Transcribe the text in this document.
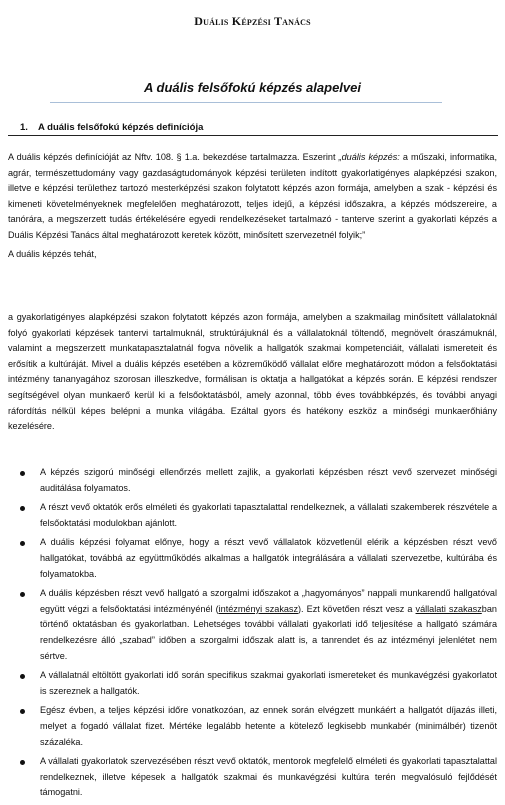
Duális Képzési Tanács
A duális felsőfokú képzés alapelvei
1. A duális felsőfokú képzés definíciója

A duális képzés definícióját az Nftv. 108. § 1.a. bekezdése tartalmazza. Eszerint „duális képzés: a műszaki, informatika, agrár, természettudomány vagy gazdaságtudományok képzési területen indított gyakorlatigényes alapképzési szakon, illetve e képzési területhez tartozó mesterképzési szakon folytatott képzés azon formája, amelyben a szak - képzési és kimeneti követelményeknek megfelelően meghatározott, teljes idejű, a képzési időszakra, a képzés módszereire, a tanórára, a megszerzett tudás értékelésére egyedi rendelkezéseket tartalmazó - tanterve szerint a gyakorlati képzés a Duális Képzési Tanács által meghatározott keretek között, minősített szervezetnél folyik;”

A duális képzés tehát,

a gyakorlatigényes alapképzési szakon folytatott képzés azon formája, amelyben a szakmailag minősített vállalatoknál folyó gyakorlati képzések tantervi tartalmuknál, struktúrájuknál és a vállalatoknál töltendő, megnövelt óraszámuknál, valamint a megszerzett munkatapasztalatnál fogva növelik a hallgatók szakmai kompetenciáit, vállalati ismereteit és erősítik a kultúráját. Mivel a duális képzés esetében a közreműködő vállalat előre meghatározott módon a felsőoktatási intézmény tananyagához szorosan illeszkedve, formálisan is oktatja a hallgatókat a képzés során. E képzési rendszer segítségével olyan munkaerő kerül ki a felsőoktatásból, amely azonnal, több éves továbbképzés, és további anyagi ráfordítás nélkül képes belépni a munka világába. Ezáltal gyors és hatékony eszköz a minőségi munkaerőhiány kezelésére.

A képzés szigorú minőségi ellenőrzés mellett zajlik, a gyakorlati képzésben részt vevő szervezet minőségi auditálása folyamatos.
A részt vevő oktatók erős elméleti és gyakorlati tapasztalattal rendelkeznek, a vállalati szakemberek részvétele a felsőoktatási modulokban ajánlott.
A duális képzési folyamat előnye, hogy a részt vevő vállalatok közvetlenül elérik a képzésben részt vevő hallgatókat, továbbá az együttműködés alkalmas a hallgatók integrálására a vállalati szervezetbe, kultúrába és folyamatokba.
A duális képzésben részt vevő hallgató a szorgalmi időszakot a „hagyományos” nappali munkarendű hallgatóval együtt végzi a felsőoktatási intézményénél (intézményi szakasz). Ezt követően részt vesz a vállalati szakaszban történő oktatásban és gyakorlatban. Lehetséges további vállalati gyakorlati idő teljesítése a hallgató számára rendelkezésre álló „szabad” időben a szorgalmi időszak alatt is, a tanrendet és az intézményi jelenlétet nem sértve.
A vállalatnál eltöltött gyakorlati idő során specifikus szakmai gyakorlati ismereteket és munkavégzési gyakorlatot is szereznek a hallgatók.
Egész évben, a teljes képzési időre vonatkozóan, az ennek során elvégzett munkáért a hallgatót díjazás illeti, melyet a fogadó vállalat fizet. Mértéke legalább hetente a kötelező legkisebb munkabér (minimálbér) tizenöt százaléka.
A vállalati gyakorlatok szervezésében részt vevő oktatók, mentorok megfelelő elméleti és gyakorlati tapasztalattal rendelkeznek, illetve képesek a hallgatók szakmai és munkavégzési kultúra terén megvalósuló fejlődését támogatni.
